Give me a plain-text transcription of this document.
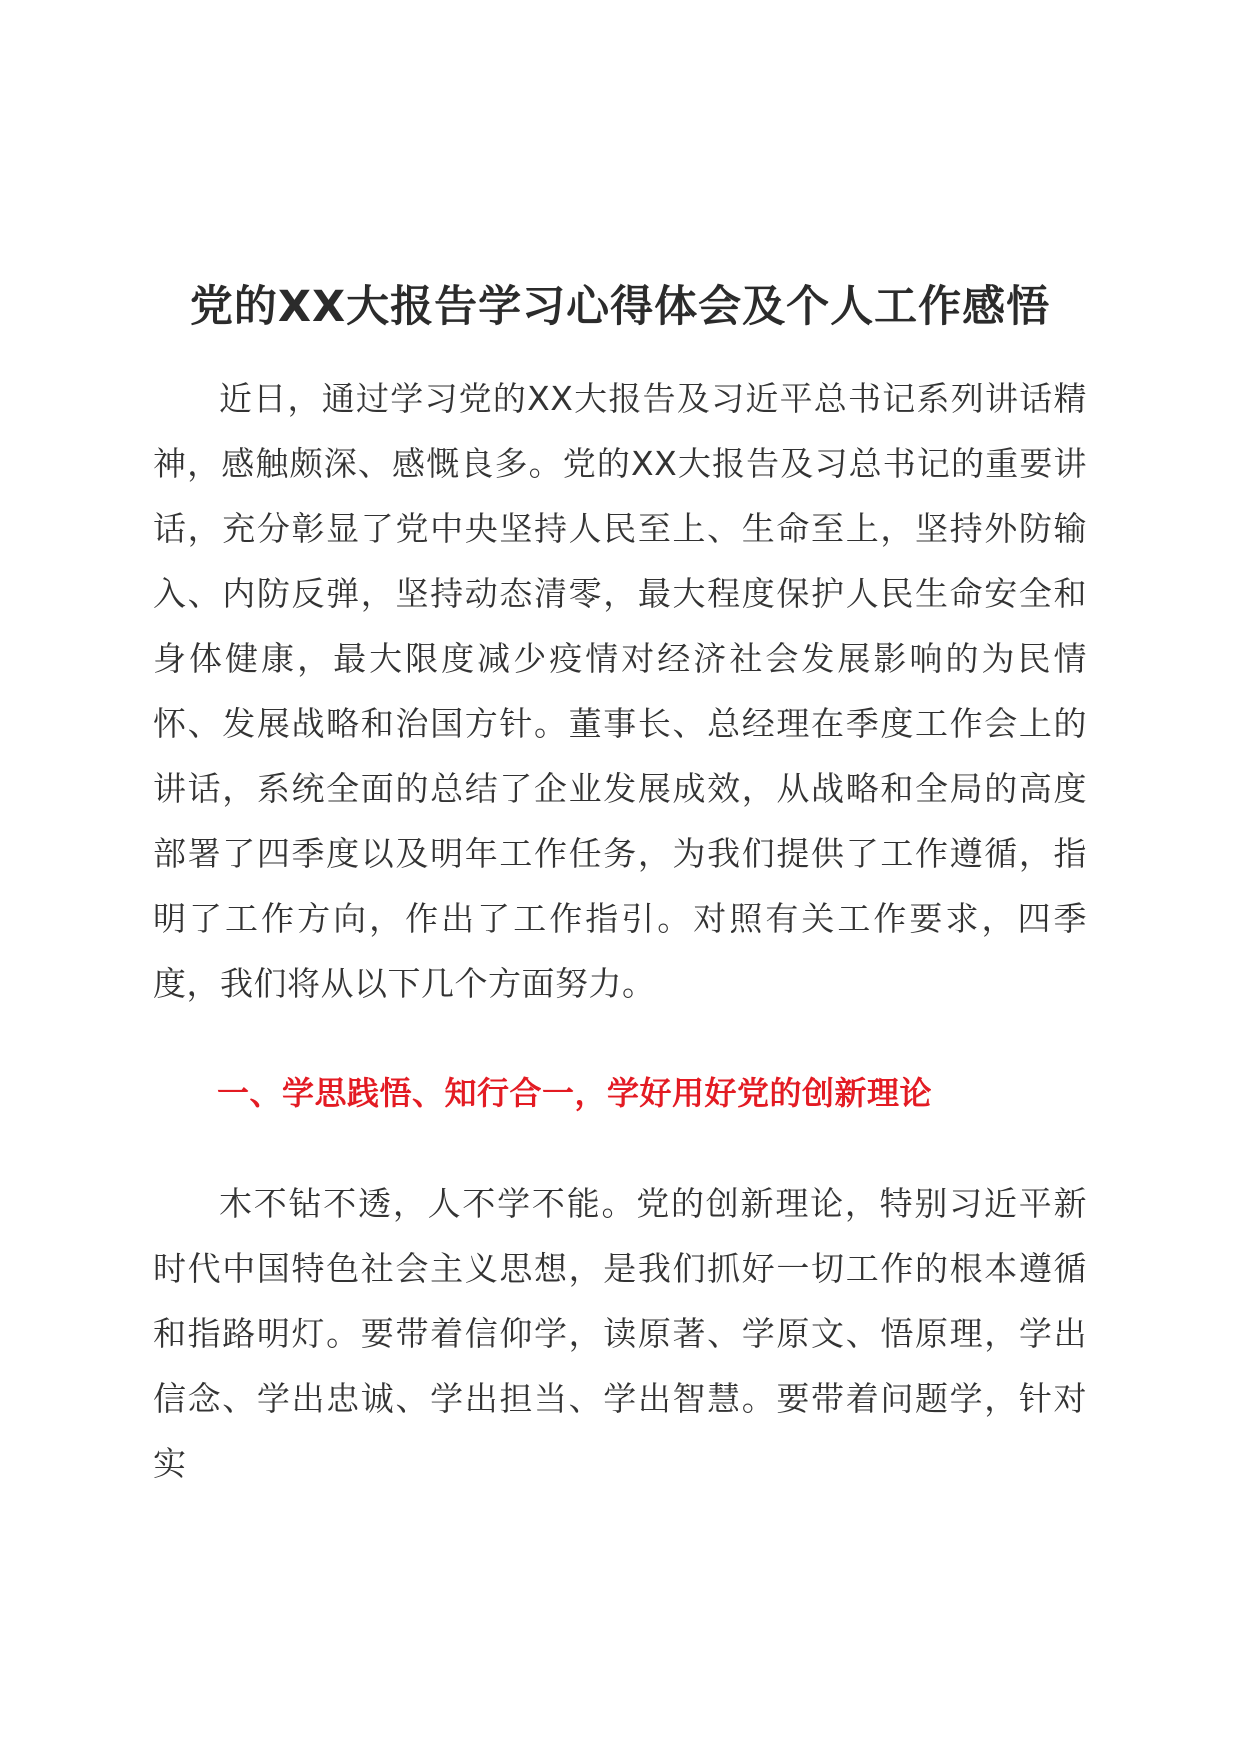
党的XX大报告学习心得体会及个人工作感悟

近日，通过学习党的XX大报告及习近平总书记系列讲话精神，感触颇深、感慨良多。党的XX大报告及习总书记的重要讲话，充分彰显了党中央坚持人民至上、生命至上，坚持外防输入、内防反弹，坚持动态清零，最大程度保护人民生命安全和身体健康，最大限度减少疫情对经济社会发展影响的为民情怀、发展战略和治国方针。董事长、总经理在季度工作会上的讲话，系统全面的总结了企业发展成效，从战略和全局的高度部署了四季度以及明年工作任务，为我们提供了工作遵循，指明了工作方向，作出了工作指引。对照有关工作要求，四季度，我们将从以下几个方面努力。

一、学思践悟、知行合一，学好用好党的创新理论

木不钻不透，人不学不能。党的创新理论，特别习近平新时代中国特色社会主义思想，是我们抓好一切工作的根本遵循和指路明灯。要带着信仰学，读原著、学原文、悟原理，学出信念、学出忠诚、学出担当、学出智慧。要带着问题学，针对实
